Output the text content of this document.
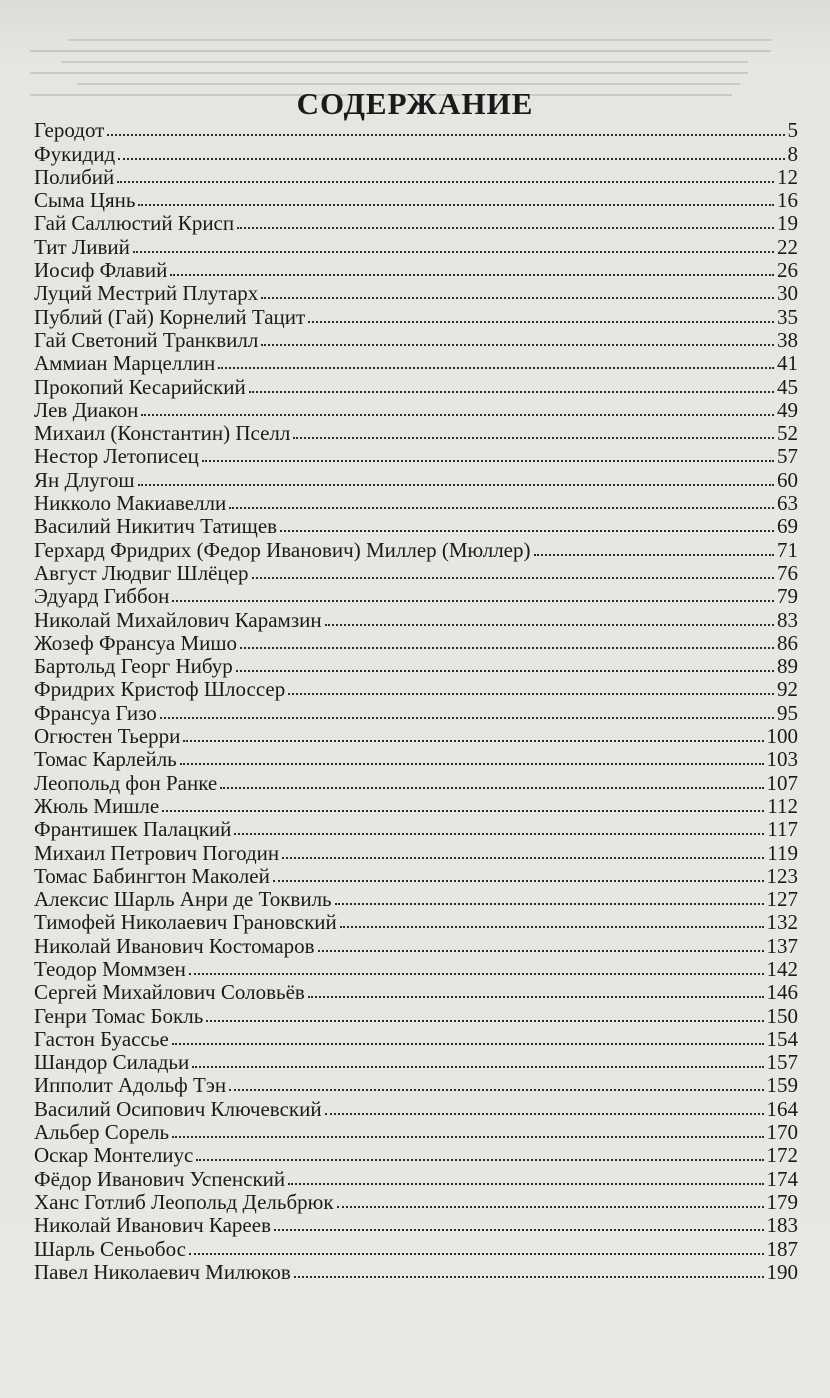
СОДЕРЖАНИЕ
Геродот	5
Фукидид	8
Полибий	12
Сыма Цянь	16
Гай Саллюстий Крисп	19
Тит Ливий	22
Иосиф Флавий	26
Луций Местрий Плутарх	30
Публий (Гай) Корнелий Тацит	35
Гай Светоний Транквилл	38
Аммиан Марцеллин	41
Прокопий Кесарийский	45
Лев Диакон	49
Михаил (Константин) Пселл	52
Нестор Летописец	57
Ян Длугош	60
Никколо Макиавелли	63
Василий Никитич Татищев	69
Герхард Фридрих (Федор Иванович) Миллер (Мюллер)	71
Август Людвиг Шлёцер	76
Эдуард Гиббон	79
Николай Михайлович Карамзин	83
Жозеф Франсуа Мишо	86
Бартольд Георг Нибур	89
Фридрих Кристоф Шлоссер	92
Франсуа Гизо	95
Огюстен Тьерри	100
Томас Карлейль	103
Леопольд фон Ранке	107
Жюль Мишле	112
Франтишек Палацкий	117
Михаил Петрович Погодин	119
Томас Бабингтон Маколей	123
Алексис Шарль Анри де Токвиль	127
Тимофей Николаевич Грановский	132
Николай Иванович Костомаров	137
Теодор Моммзен	142
Сергей Михайлович Соловьёв	146
Генри Томас Бокль	150
Гастон Буассье	154
Шандор Силадьи	157
Ипполит Адольф Тэн	159
Василий Осипович Ключевский	164
Альбер Сорель	170
Оскар Монтелиус	172
Фёдор Иванович Успенский	174
Ханс Готлиб Леопольд Дельбрюк	179
Николай Иванович Кареев	183
Шарль Сеньобос	187
Павел Николаевич Милюков	190
